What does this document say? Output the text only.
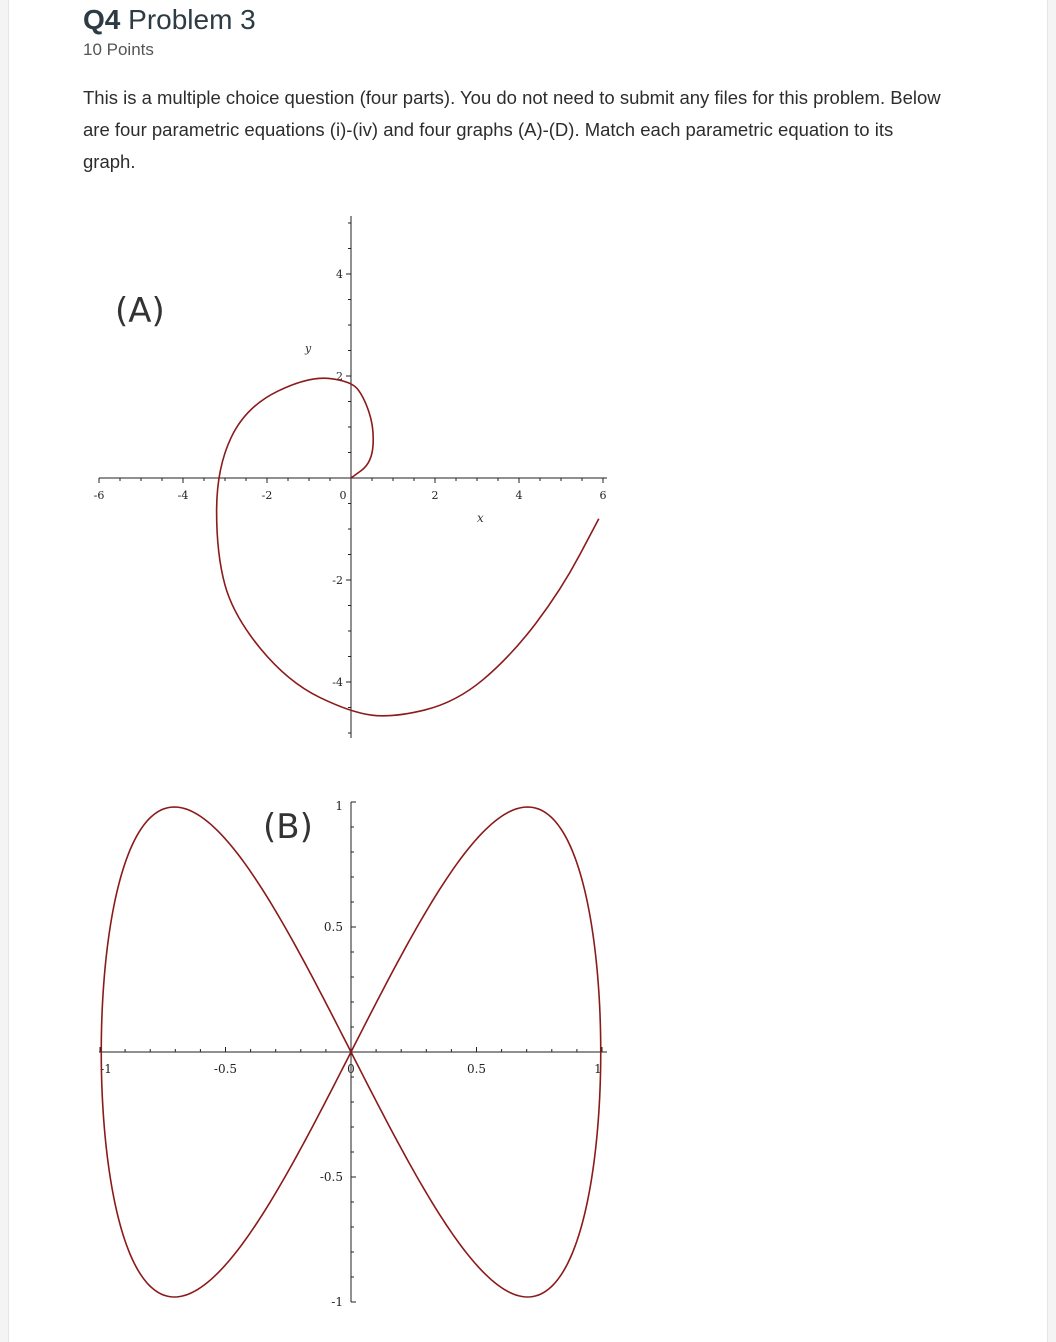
Q4 Problem 3
10 Points

This is a multiple choice question (four parts). You do not need to submit any files for this problem. Below are four parametric equations (i)-(iv) and four graphs (A)-(D). Match each parametric equation to its graph.

-6	-4	-2	0	2	4	6
4
2
-2
-4
(A)
y
x
-1	-0.5	0	0.5	1
1
0.5
-0.5
-1
(B)
